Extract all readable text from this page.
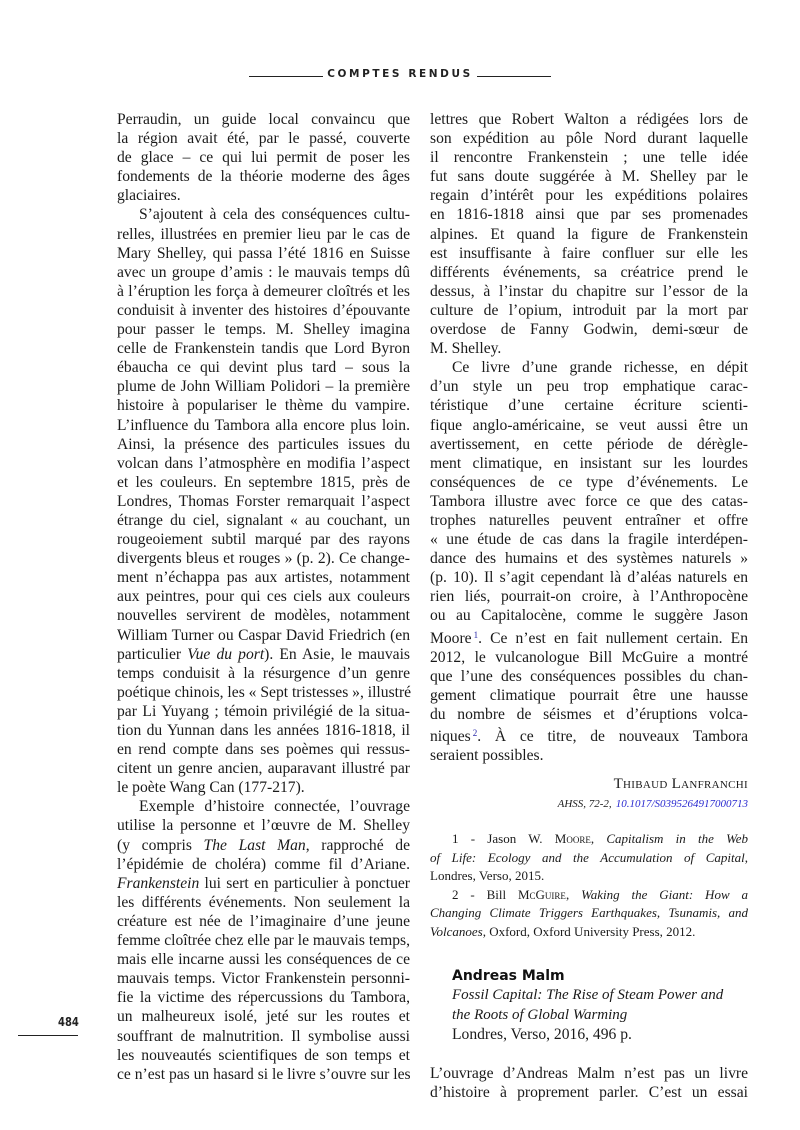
COMPTES RENDUS
Perraudin, un guide local convaincu que
la région avait été, par le passé, couverte
de glace – ce qui lui permit de poser les
fondements de la théorie moderne des âges
glaciaires.
S’ajoutent à cela des conséquences cultu-
relles, illustrées en premier lieu par le cas de
Mary Shelley, qui passa l’été 1816 en Suisse
avec un groupe d’amis : le mauvais temps dû
à l’éruption les força à demeurer cloîtrés et les
conduisit à inventer des histoires d’épouvante
pour passer le temps. M. Shelley imagina
celle de Frankenstein tandis que Lord Byron
ébaucha ce qui devint plus tard – sous la
plume de John William Polidori – la première
histoire à populariser le thème du vampire.
L’influence du Tambora alla encore plus loin.
Ainsi, la présence des particules issues du
volcan dans l’atmosphère en modifia l’aspect
et les couleurs. En septembre 1815, près de
Londres, Thomas Forster remarquait l’aspect
étrange du ciel, signalant « au couchant, un
rougeoiement subtil marqué par des rayons
divergents bleus et rouges » (p. 2). Ce change-
ment n’échappa pas aux artistes, notamment
aux peintres, pour qui ces ciels aux couleurs
nouvelles servirent de modèles, notamment
William Turner ou Caspar David Friedrich (en
particulier Vue du port). En Asie, le mauvais
temps conduisit à la résurgence d’un genre
poétique chinois, les « Sept tristesses », illustré
par Li Yuyang ; témoin privilégié de la situa-
tion du Yunnan dans les années 1816-1818, il
en rend compte dans ses poèmes qui ressus-
citent un genre ancien, auparavant illustré par
le poète Wang Can (177-217).
Exemple d’histoire connectée, l’ouvrage
utilise la personne et l’œuvre de M. Shelley
(y compris The Last Man, rapproché de
l’épidémie de choléra) comme fil d’Ariane.
Frankenstein lui sert en particulier à ponctuer
les différents événements. Non seulement la
créature est née de l’imaginaire d’une jeune
femme cloîtrée chez elle par le mauvais temps,
mais elle incarne aussi les conséquences de ce
mauvais temps. Victor Frankenstein personni-
fie la victime des répercussions du Tambora,
un malheureux isolé, jeté sur les routes et
souffrant de malnutrition. Il symbolise aussi
les nouveautés scientifiques de son temps et
ce n’est pas un hasard si le livre s’ouvre sur les
lettres que Robert Walton a rédigées lors de
son expédition au pôle Nord durant laquelle
il rencontre Frankenstein ; une telle idée
fut sans doute suggérée à M. Shelley par le
regain d’intérêt pour les expéditions polaires
en 1816-1818 ainsi que par ses promenades
alpines. Et quand la figure de Frankenstein
est insuffisante à faire confluer sur elle les
différents événements, sa créatrice prend le
dessus, à l’instar du chapitre sur l’essor de la
culture de l’opium, introduit par la mort par
overdose de Fanny Godwin, demi-sœur de
M. Shelley.
Ce livre d’une grande richesse, en dépit
d’un style un peu trop emphatique carac-
téristique d’une certaine écriture scienti-
fique anglo-américaine, se veut aussi être un
avertissement, en cette période de dérègle-
ment climatique, en insistant sur les lourdes
conséquences de ce type d’événements. Le
Tambora illustre avec force ce que des catas-
trophes naturelles peuvent entraîner et offre
« une étude de cas dans la fragile interdépen-
dance des humains et des systèmes naturels »
(p. 10). Il s’agit cependant là d’aléas naturels en
rien liés, pourrait-on croire, à l’Anthropocène
ou au Capitalocène, comme le suggère Jason
Moore $^1$. Ce n’est en fait nullement certain. En
2012, le vulcanologue Bill McGuire a montré
que l’une des conséquences possibles du chan-
gement climatique pourrait être une hausse
du nombre de séismes et d’éruptions volca-
niques $^2$. À ce titre, de nouveaux Tambora
seraient possibles.
Thibaud Lanfranchi
AHSS, 72-2, 10.1017/S0395264917000713
1 - Jason W. Moore, Capitalism in the Web
of Life: Ecology and the Accumulation of Capital,
Londres, Verso, 2015.
2 - Bill McGuire, Waking the Giant: How a
Changing Climate Triggers Earthquakes, Tsunamis, and
Volcanoes, Oxford, Oxford University Press, 2012.
Andreas Malm
Fossil Capital: The Rise of Steam Power and
the Roots of Global Warming
Londres, Verso, 2016, 496 p.
L’ouvrage d’Andreas Malm n’est pas un livre
d’histoire à proprement parler. C’est un essai
484
